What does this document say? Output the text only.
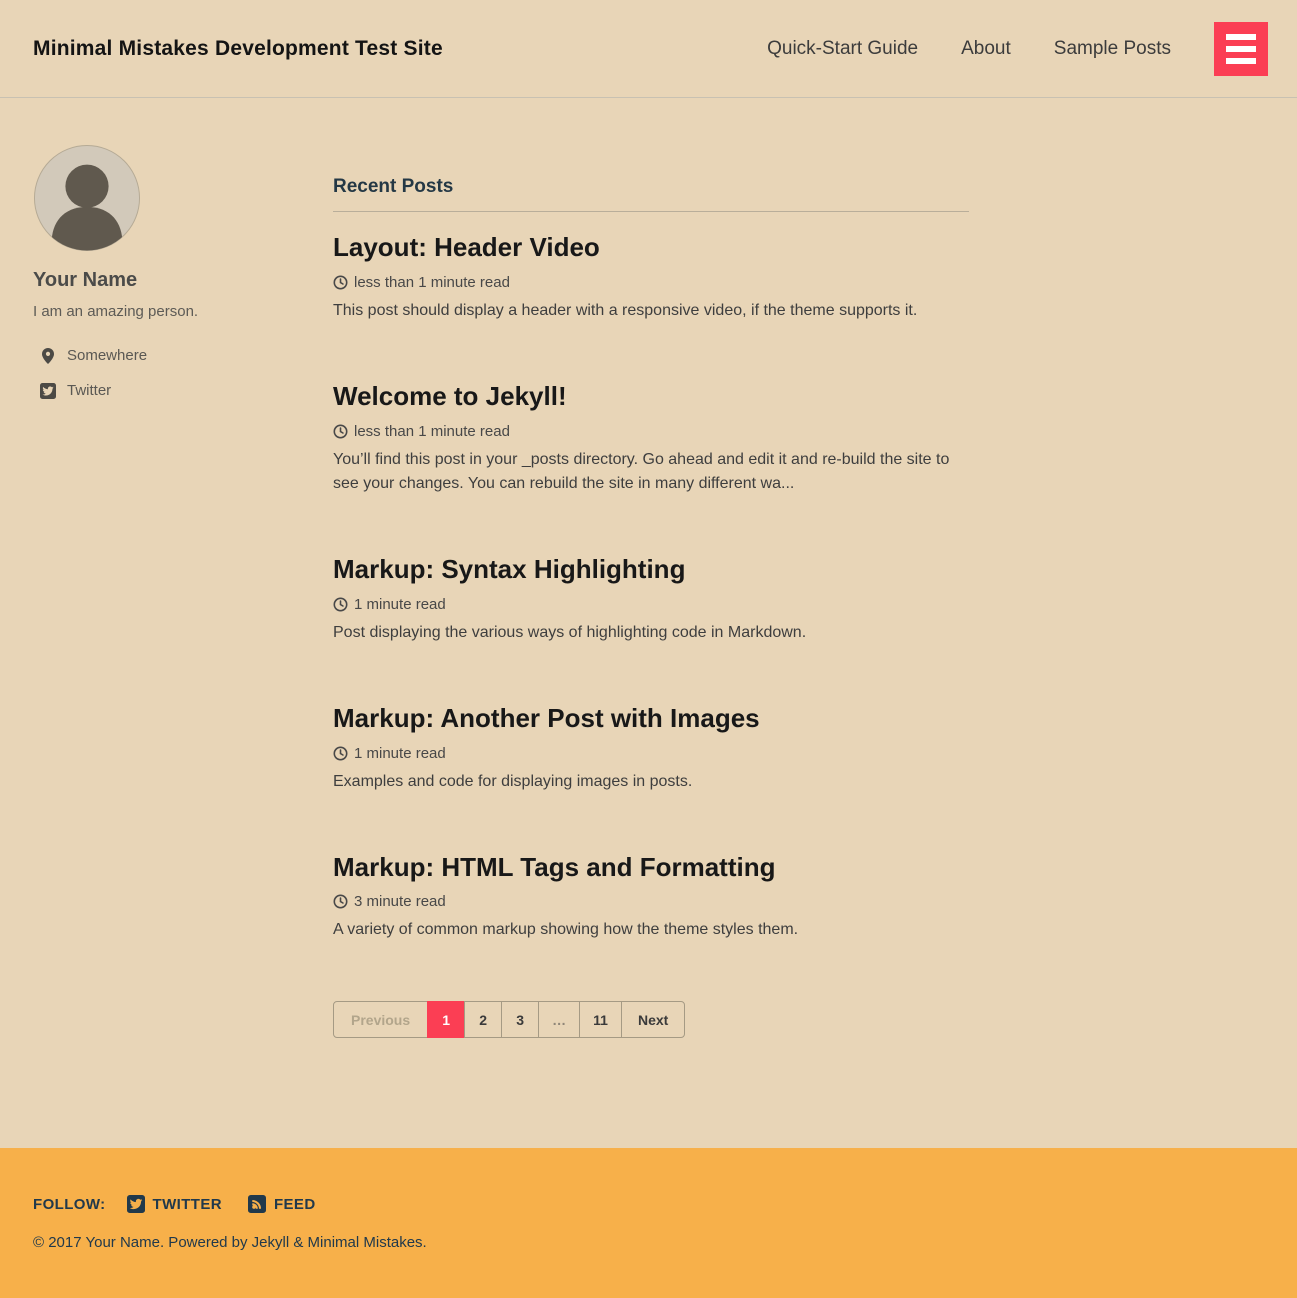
Minimal Mistakes Development Test Site	Quick-Start Guide About Sample Posts
Your Name

I am an amazing person.

Somewhere
Twitter
Recent Posts
Layout: Header Video
less than 1 minute read

This post should display a header with a responsive video, if the theme supports it.

Welcome to Jekyll!
less than 1 minute read

You’ll find this post in your _posts directory. Go ahead and edit it and re-build the site to see your changes. You can rebuild the site in many different wa...

Markup: Syntax Highlighting
1 minute read

Post displaying the various ways of highlighting code in Markdown.

Markup: Another Post with Images
1 minute read

Examples and code for displaying images in posts.

Markup: HTML Tags and Formatting
3 minute read

A variety of common markup showing how the theme styles them.

Previous	1	2	3	…	11	Next
FOLLOW:	TWITTER	FEED
© 2017 Your Name. Powered by Jekyll & Minimal Mistakes.
